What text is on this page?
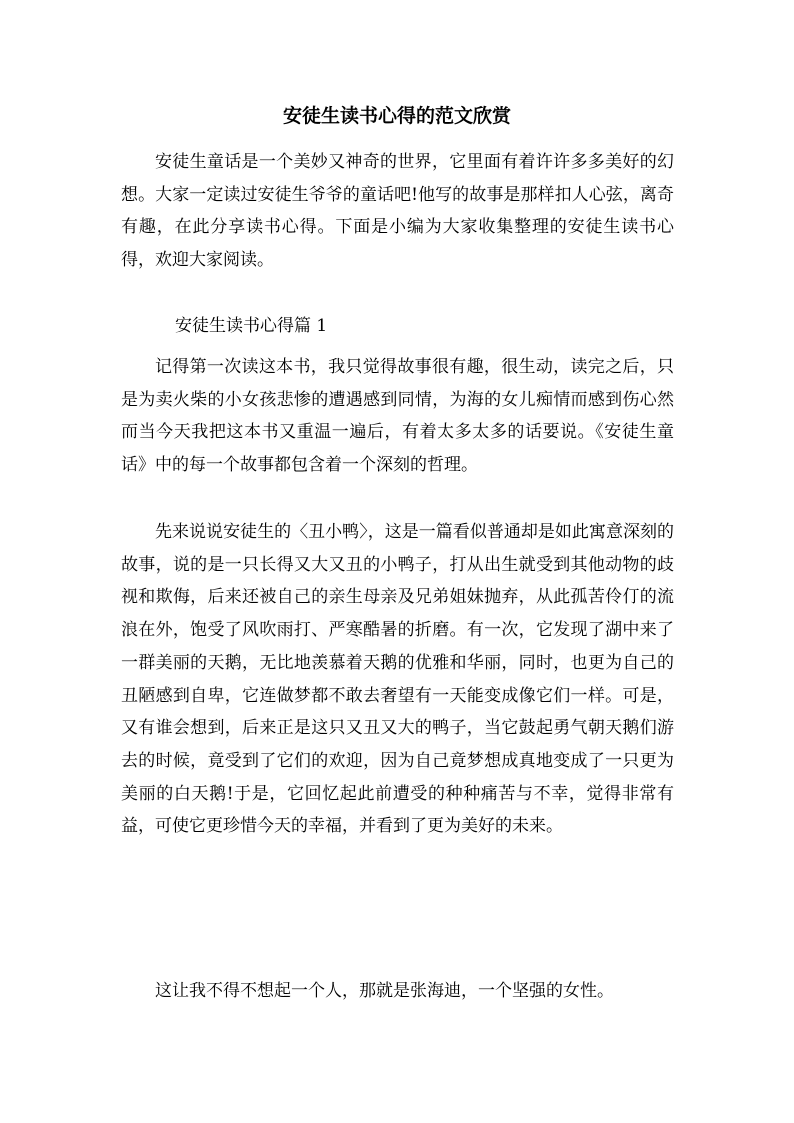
安徒生读书心得的范文欣赏

安徒生童话是一个美妙又神奇的世界，它里面有着许许多多美好的幻想。大家一定读过安徒生爷爷的童话吧!他写的故事是那样扣人心弦，离奇有趣，在此分享读书心得。下面是小编为大家收集整理的安徒生读书心得，欢迎大家阅读。

安徒生读书心得篇 1

记得第一次读这本书，我只觉得故事很有趣，很生动，读完之后，只是为卖火柴的小女孩悲惨的遭遇感到同情，为海的女儿痴情而感到伤心然而当今天我把这本书又重温一遍后，有着太多太多的话要说。《安徒生童话》中的每一个故事都包含着一个深刻的哲理。

先来说说安徒生的〈丑小鸭〉，这是一篇看似普通却是如此寓意深刻的故事，说的是一只长得又大又丑的小鸭子，打从出生就受到其他动物的歧视和欺侮，后来还被自己的亲生母亲及兄弟姐妹抛弃，从此孤苦伶仃的流浪在外，饱受了风吹雨打、严寒酷暑的折磨。有一次，它发现了湖中来了一群美丽的天鹅，无比地羡慕着天鹅的优雅和华丽，同时，也更为自己的丑陋感到自卑，它连做梦都不敢去奢望有一天能变成像它们一样。可是，又有谁会想到，后来正是这只又丑又大的鸭子，当它鼓起勇气朝天鹅们游去的时候，竟受到了它们的欢迎，因为自己竟梦想成真地变成了一只更为美丽的白天鹅!于是，它回忆起此前遭受的种种痛苦与不幸，觉得非常有益，可使它更珍惜今天的幸福，并看到了更为美好的未来。

这让我不得不想起一个人，那就是张海迪，一个坚强的女性。
